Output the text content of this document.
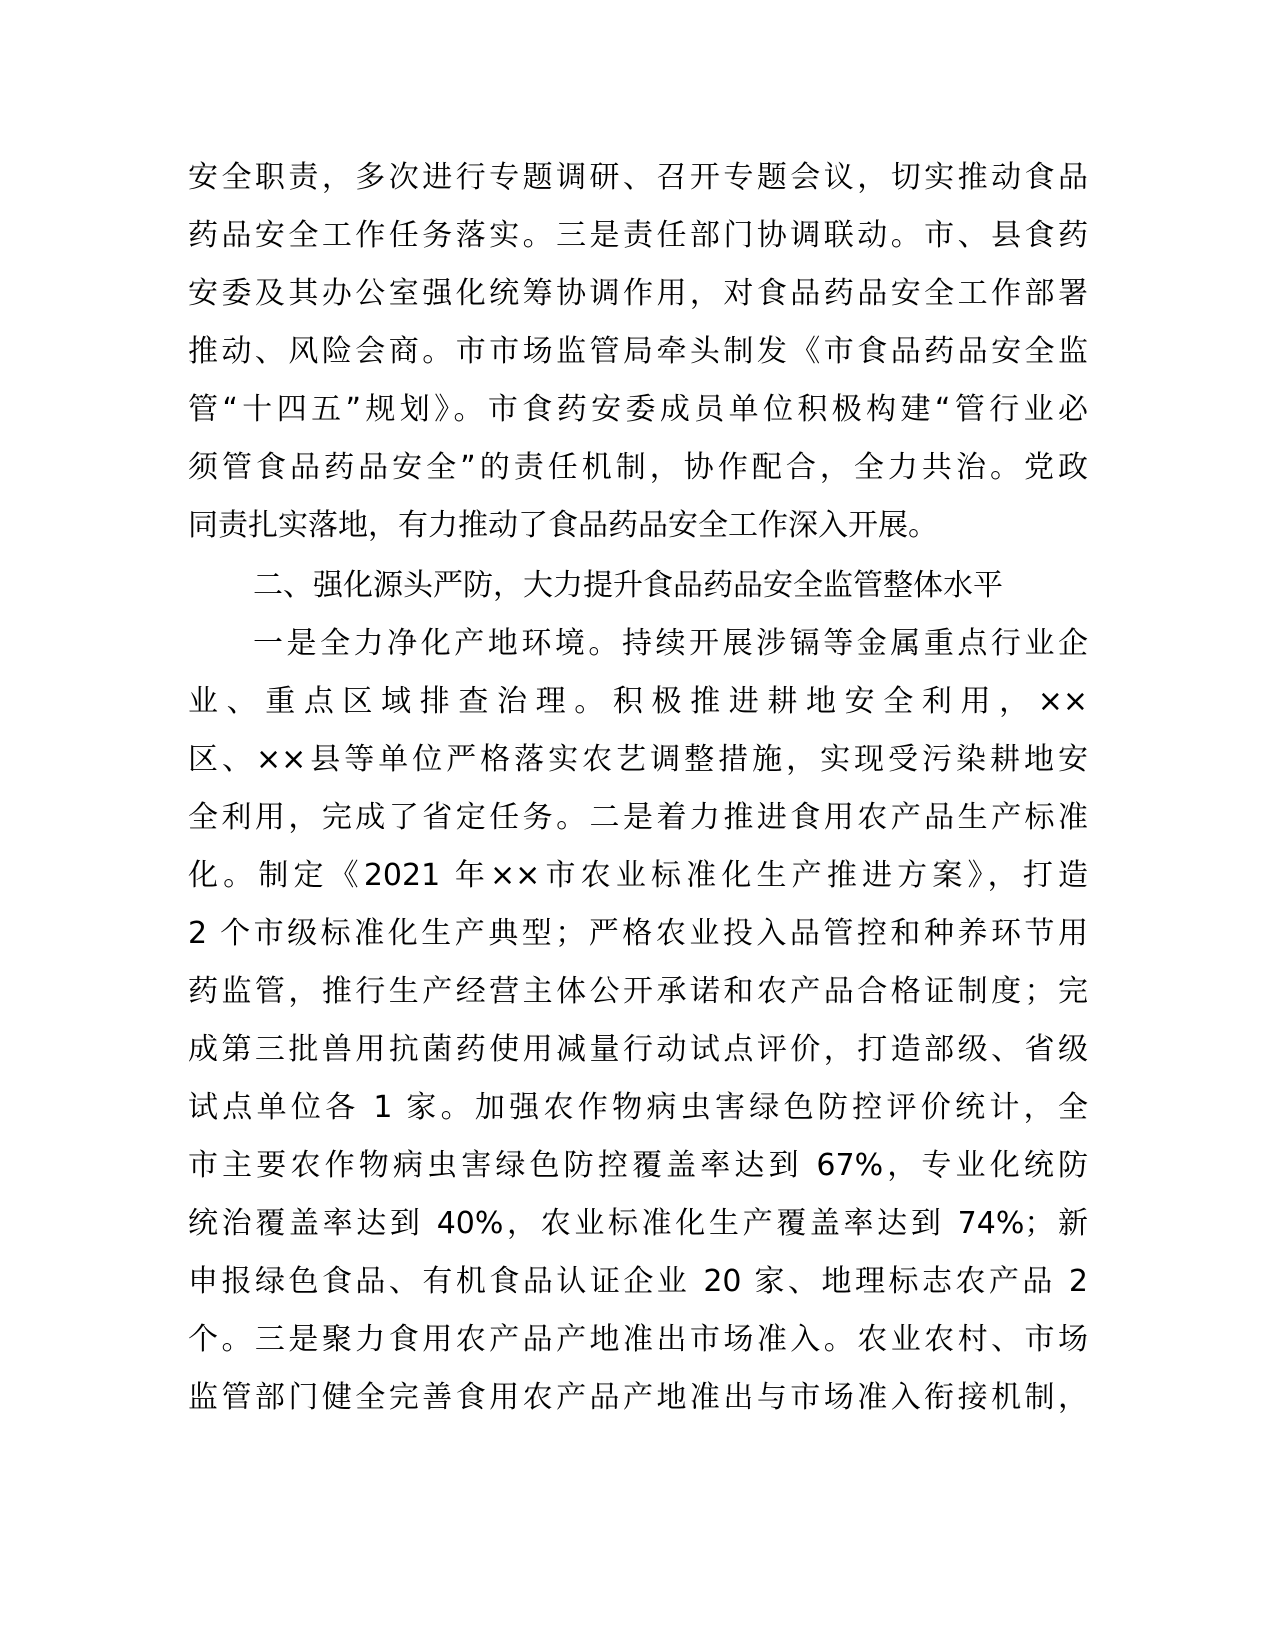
安全职责，多次进行专题调研、召开专题会议，切实推动食品
药品安全工作任务落实。三是责任部门协调联动。市、县食药
安委及其办公室强化统筹协调作用，对食品药品安全工作部署
推动、风险会商。市市场监管局牵头制发《市食品药品安全监
管“十四五”规划》。市食药安委成员单位积极构建“管行业必
须管食品药品安全”的责任机制，协作配合，全力共治。党政
同责扎实落地，有力推动了食品药品安全工作深入开展。
二、强化源头严防，大力提升食品药品安全监管整体水平
一是全力净化产地环境。持续开展涉镉等金属重点行业企
业、重点区域排查治理。积极推进耕地安全利用，××
区、××县等单位严格落实农艺调整措施，实现受污染耕地安
全利用，完成了省定任务。二是着力推进食用农产品生产标准
化。制定《2021 年××市农业标准化生产推进方案》，打造
2 个市级标准化生产典型；严格农业投入品管控和种养环节用
药监管，推行生产经营主体公开承诺和农产品合格证制度；完
成第三批兽用抗菌药使用减量行动试点评价，打造部级、省级
试点单位各 1 家。加强农作物病虫害绿色防控评价统计，全
市主要农作物病虫害绿色防控覆盖率达到 67%，专业化统防
统治覆盖率达到 40%，农业标准化生产覆盖率达到 74%；新
申报绿色食品、有机食品认证企业 20 家、地理标志农产品 2
个。三是聚力食用农产品产地准出市场准入。农业农村、市场
监管部门健全完善食用农产品产地准出与市场准入衔接机制，
